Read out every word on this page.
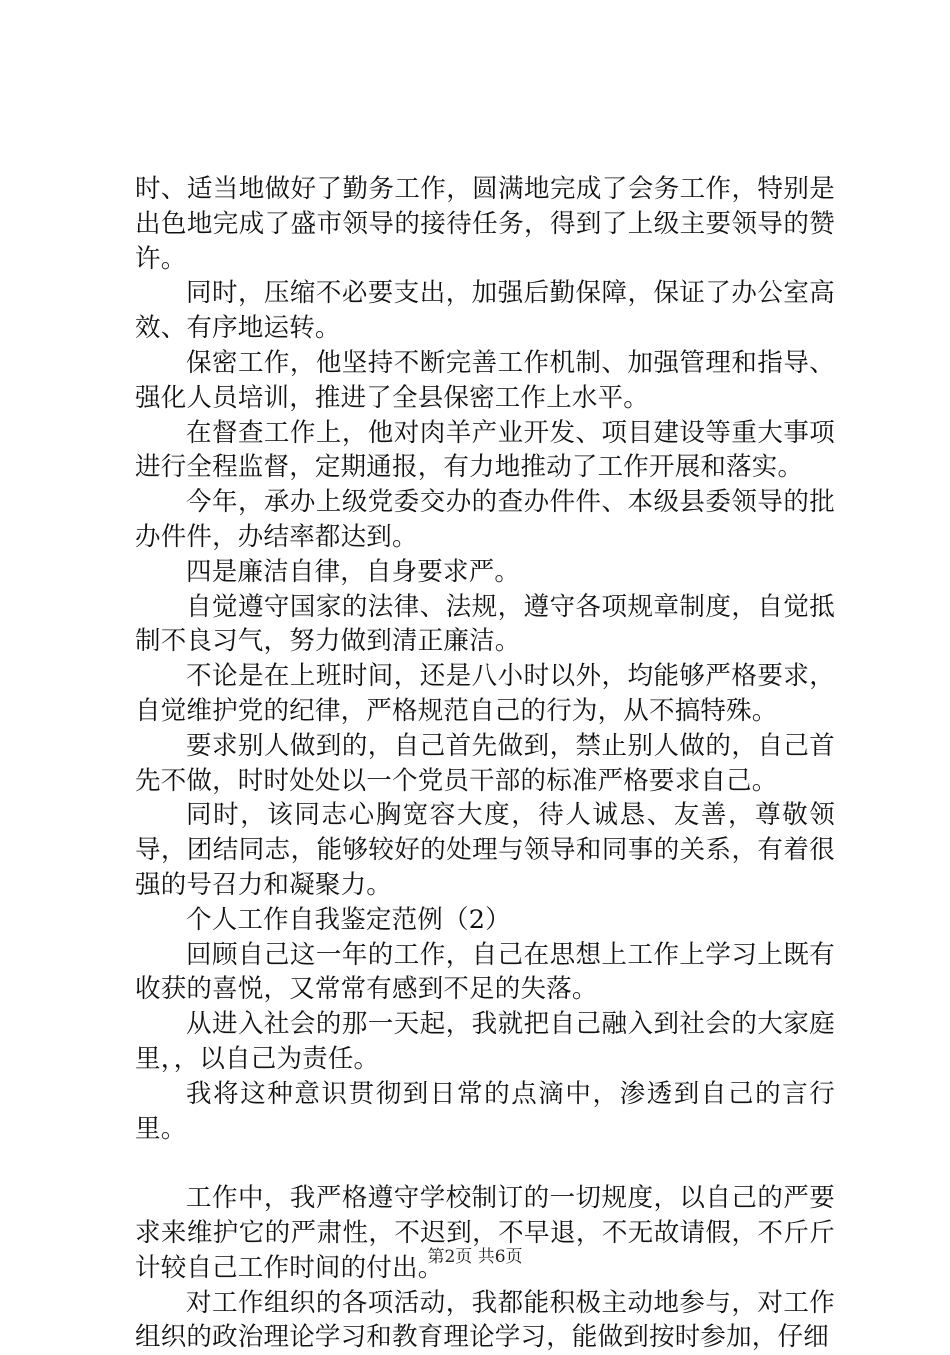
时、适当地做好了勤务工作，圆满地完成了会务工作，特别是出色地完成了盛市领导的接待任务，得到了上级主要领导的赞许。

同时，压缩不必要支出，加强后勤保障，保证了办公室高效、有序地运转。

保密工作，他坚持不断完善工作机制、加强管理和指导、强化人员培训，推进了全县保密工作上水平。

在督查工作上，他对肉羊产业开发、项目建设等重大事项进行全程监督，定期通报，有力地推动了工作开展和落实。

今年，承办上级党委交办的查办件件、本级县委领导的批办件件，办结率都达到。

四是廉洁自律，自身要求严。

自觉遵守国家的法律、法规，遵守各项规章制度，自觉抵制不良习气，努力做到清正廉洁。

不论是在上班时间，还是八小时以外，均能够严格要求，自觉维护党的纪律，严格规范自己的行为，从不搞特殊。

要求别人做到的，自己首先做到，禁止别人做的，自己首先不做，时时处处以一个党员干部的标准严格要求自己。

同时，该同志心胸宽容大度，待人诚恳、友善，尊敬领导，团结同志，能够较好的处理与领导和同事的关系，有着很强的号召力和凝聚力。

个人工作自我鉴定范例（2）

回顾自己这一年的工作，自己在思想上工作上学习上既有收获的喜悦，又常常有感到不足的失落。

从进入社会的那一天起，我就把自己融入到社会的大家庭里，，以自己为责任。

我将这种意识贯彻到日常的点滴中，渗透到自己的言行里。

工作中，我严格遵守学校制订的一切规度，以自己的严要求来维护它的严肃性，不迟到，不早退，不无故请假，不斤斤计较自己工作时间的付出。

对工作组织的各项活动，我都能积极主动地参与，对工作组织的政治理论学习和教育理论学习，能做到按时参加，仔细

第2页 共6页
